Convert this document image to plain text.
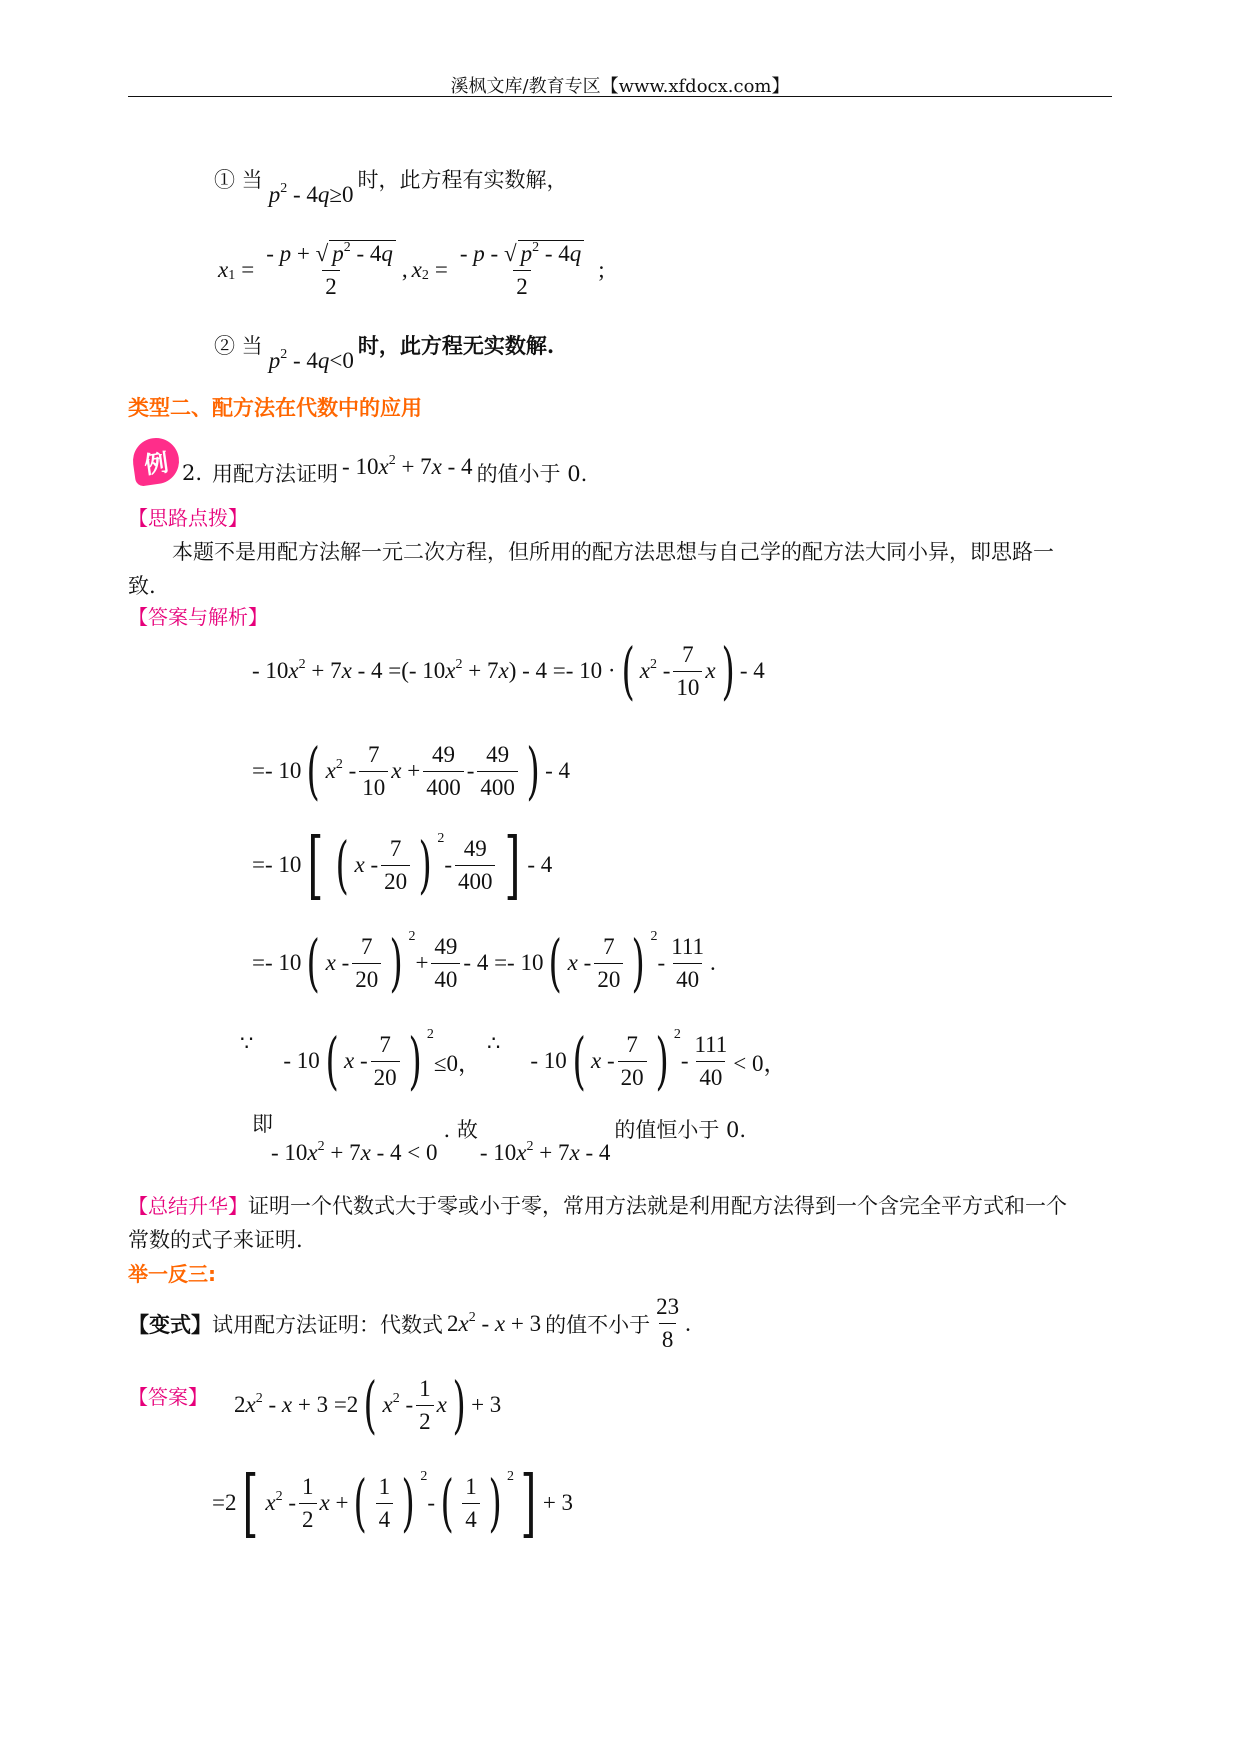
溪枫文库/教育专区【www.xfdocx.com】
① 当
p2 - 4q≥0
时，此方程有实数解，
x $1 = \frac{- p + √ p^2 - 4q}{2}$ , x $2 = \frac{- p - √ p^2 - 4q}{2}$ ;
② 当
p2 - 4q<0
时，此方程无实数解.
类型二、配方法在代数中的应用
例 2. 用配方法证明 - 10x2 + 7x - 4 的值小于 0.
【思路点拨】
本题不是用配方法解一元二次方程，但所用的配方法思想与自己学的配方法大同小异，即思路一
致.
【答案与解析】
- $10x^2 + 7x - 4$ =(- $10x^2 + 7x) - 4 =- 10$ · ( $x^2 - \frac{7}{10}$ x ) - 4
=- 10 ( $x^2 - \frac{7}{10}$ $x + \frac{49}{400} - \frac{49}{400}$ ) - 4
=- 10 [ ( x - $\frac{7}{20}$ ) 2
- $\frac{49}{400}$ ] - 4
=- 10 ( x - $\frac{7}{20}$ ) 2
+ $\frac{49}{40} - 4 =- 10$ ( x - $\frac{7}{20}$ ) 2
- $\frac{111}{40}$ .
∵
- 10 ( x - $\frac{7}{20}$ ) 2
≤0，
∴
- 10 ( x - $\frac{7}{20}$ ) 2
- $\frac{111}{40} < 0$，
即
- $10x^2 + 7x - 4 < 0$
. 故
- $10x^2 + 7x - 4$
的值恒小于 0.
【总结升华】证明一个代数式大于零或小于零，常用方法就是利用配方法得到一个含完全平方式和一个
常数的式子来证明.
举一反三:
【变式】 试用配方法证明：代数式 $2x^2 - x + 3$ 的值不小于 $\frac{23}{8}$ .
【答案】 $2x^2 - x + 3 =2$ ( $x^2 - \frac{1}{2}$ x ) + 3
=2 [ $x^2 - \frac{1}{2}$ x + ( $\frac{1}{4}$ ) 2
- ( $\frac{1}{4}$ ) 2 ] + 3
